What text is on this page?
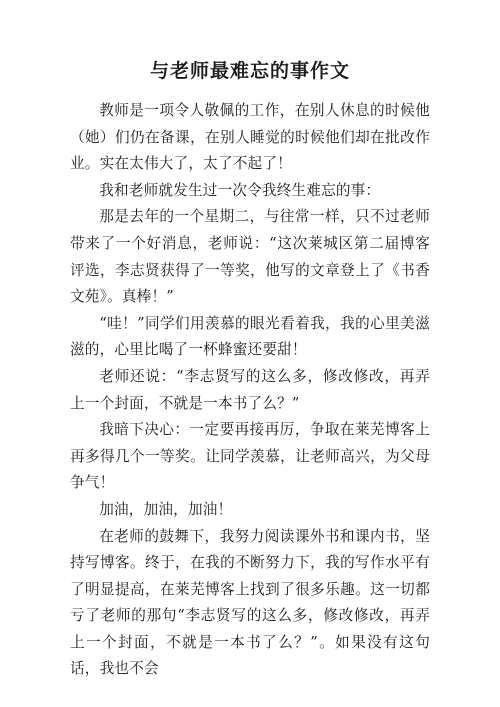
与老师最难忘的事作文

教师是一项令人敬佩的工作，在别人休息的时候他（她）们仍在备课，在别人睡觉的时候他们却在批改作业。实在太伟大了，太了不起了！

我和老师就发生过一次令我终生难忘的事：

那是去年的一个星期二，与往常一样，只不过老师带来了一个好消息，老师说：“这次莱城区第二届博客评选，李志贤获得了一等奖，他写的文章登上了《书香文苑》。真棒！”

“哇！”同学们用羡慕的眼光看着我，我的心里美滋滋的，心里比喝了一杯蜂蜜还要甜！

老师还说：“李志贤写的这么多，修改修改，再弄上一个封面，不就是一本书了么？”

我暗下决心：一定要再接再厉，争取在莱芜博客上再多得几个一等奖。让同学羡慕，让老师高兴，为父母争气！

加油，加油，加油！

在老师的鼓舞下，我努力阅读课外书和课内书，坚持写博客。终于，在我的不断努力下，我的写作水平有了明显提高，在莱芜博客上找到了很多乐趣。这一切都亏了老师的那句“李志贤写的这么多，修改修改，再弄上一个封面，不就是一本书了么？”。如果没有这句话，我也不会
